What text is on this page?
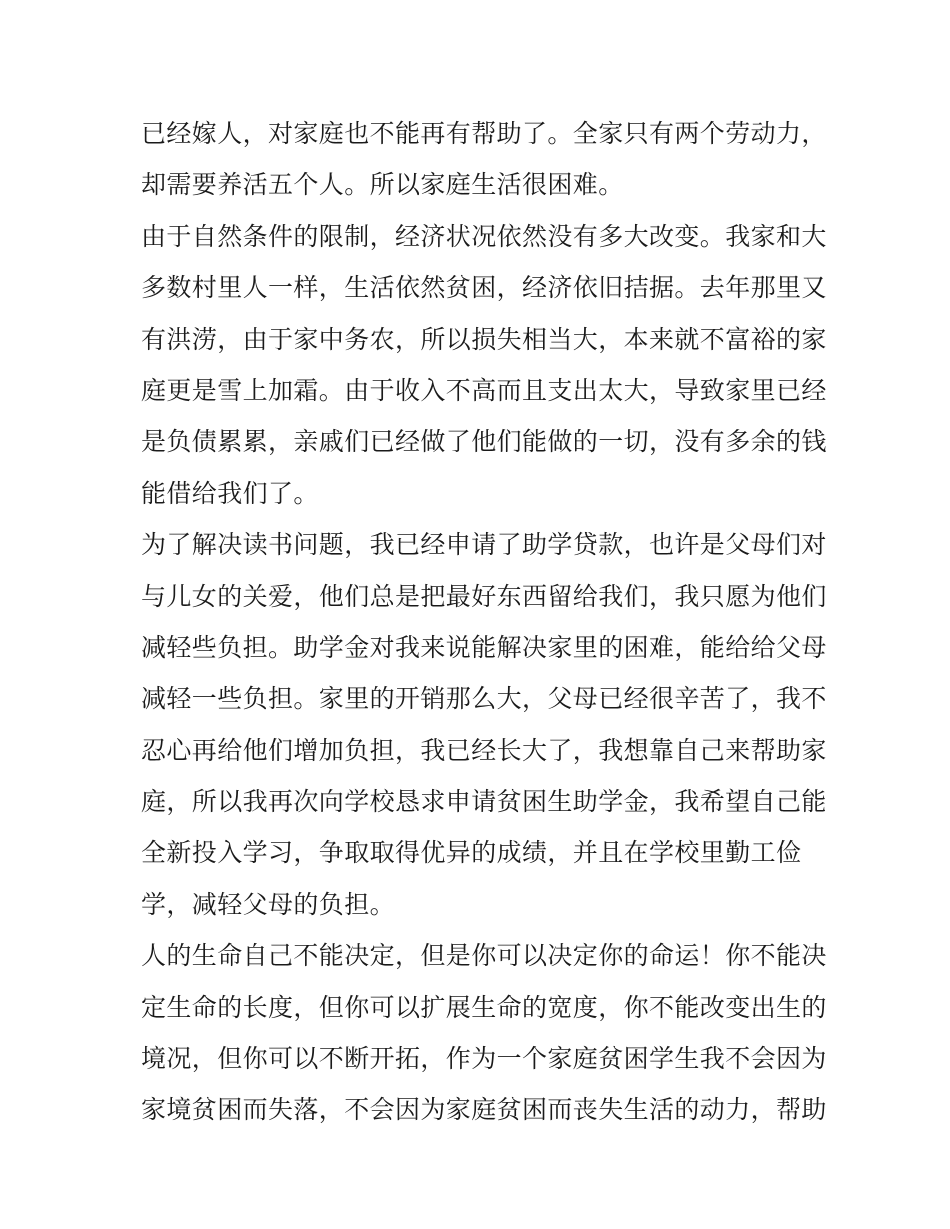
已经嫁人，对家庭也不能再有帮助了。全家只有两个劳动力，
却需要养活五个人。所以家庭生活很困难。
由于自然条件的限制，经济状况依然没有多大改变。我家和大
多数村里人一样，生活依然贫困，经济依旧拮据。去年那里又
有洪涝，由于家中务农，所以损失相当大，本来就不富裕的家
庭更是雪上加霜。由于收入不高而且支出太大，导致家里已经
是负债累累，亲戚们已经做了他们能做的一切，没有多余的钱
能借给我们了。
为了解决读书问题，我已经申请了助学贷款，也许是父母们对
与儿女的关爱，他们总是把最好东西留给我们，我只愿为他们
减轻些负担。助学金对我来说能解决家里的困难，能给给父母
减轻一些负担。家里的开销那么大，父母已经很辛苦了，我不
忍心再给他们增加负担，我已经长大了，我想靠自己来帮助家
庭，所以我再次向学校恳求申请贫困生助学金，我希望自己能
全新投入学习，争取取得优异的成绩，并且在学校里勤工俭
学，减轻父母的负担。
人的生命自己不能决定，但是你可以决定你的命运！你不能决
定生命的长度，但你可以扩展生命的宽度，你不能改变出生的
境况，但你可以不断开拓，作为一个家庭贫困学生我不会因为
家境贫困而失落，不会因为家庭贫困而丧失生活的动力，帮助
